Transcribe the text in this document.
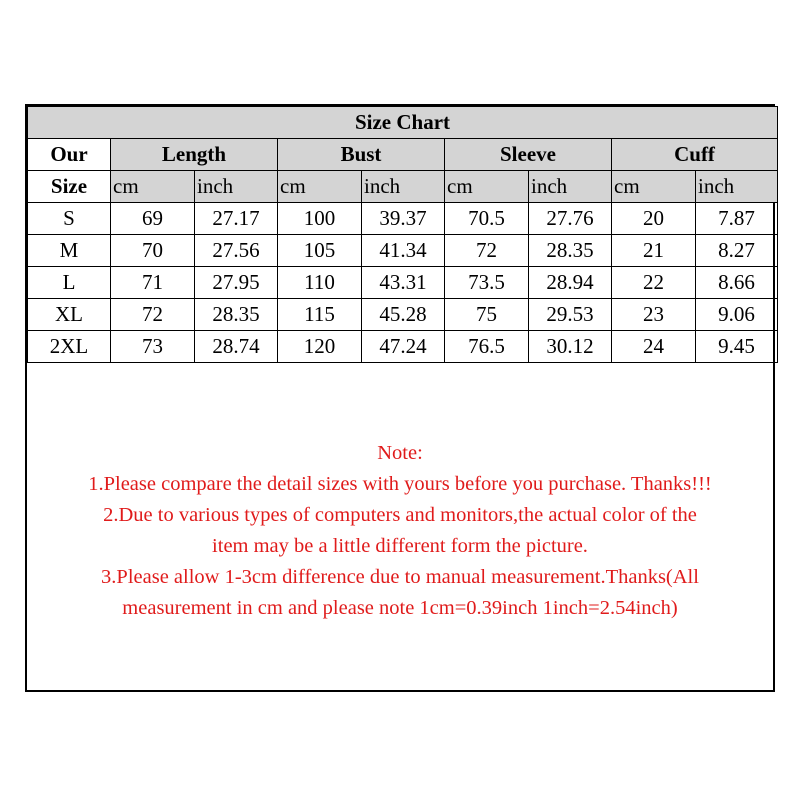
Size Chart								
Our	Length		Bust		Sleeve		Cuff	
Size	cm	inch	cm	inch	cm	inch	cm	inch
S	69	27.17	100	39.37	70.5	27.76	20	7.87
M	70	27.56	105	41.34	72	28.35	21	8.27
L	71	27.95	110	43.31	73.5	28.94	22	8.66
XL	72	28.35	115	45.28	75	29.53	23	9.06
2XL	73	28.74	120	47.24	76.5	30.12	24	9.45
Note:
1.Please compare the detail sizes with yours before you purchase. Thanks!!!
2.Due to various types of computers and monitors,the actual color of the
item may be a little different form the picture.
3.Please allow 1-3cm difference due to manual measurement.Thanks(All
measurement in cm and please note 1cm=0.39inch 1inch=2.54inch)
